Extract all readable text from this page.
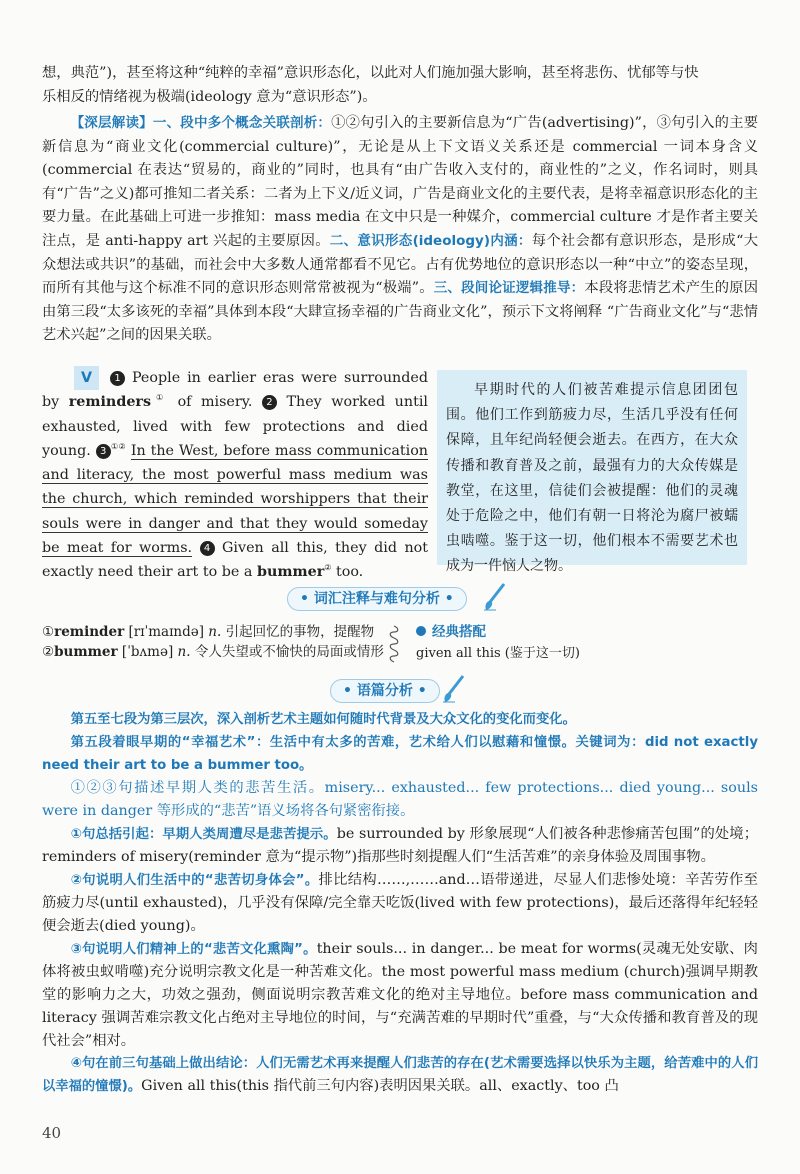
想，典范”)，甚至将这种“纯粹的幸福”意识形态化，以此对人们施加强大影响，甚至将悲伤、忧郁等与快

乐相反的情绪视为极端(ideology 意为“意识形态”)。

【深层解读】一、段中多个概念关联剖析：①②句引入的主要新信息为“广告(advertising)”，③句引入的主要新信息为“商业文化(commercial culture)”，无论是从上下文语义关系还是 commercial 一词本身含义(commercial 在表达“贸易的，商业的”同时，也具有“由广告收入支付的，商业性的”之义，作名词时，则具有“广告”之义)都可推知二者关系：二者为上下义/近义词，广告是商业文化的主要代表，是将幸福意识形态化的主要力量。在此基础上可进一步推知：mass media 在文中只是一种媒介，commercial culture 才是作者主要关注点，是 anti-happy art 兴起的主要原因。二、意识形态(ideology)内涵：每个社会都有意识形态，是形成“大众想法或共识”的基础，而社会中大多数人通常都看不见它。占有优势地位的意识形态以一种“中立”的姿态呈现，而所有其他与这个标准不同的意识形态则常常被视为“极端”。三、段间论证逻辑推导：本段将悲情艺术产生的原因由第三段“太多该死的幸福”具体到本段“大肆宣扬幸福的广告商业文化”，预示下文将阐释 “广告商业文化”与“悲情艺术兴起”之间的因果关联。

V 1 People in earlier eras were surrounded by reminders① of misery. 2 They worked until exhausted, lived with few protections and died young. 3 ①② In the West, before mass communication and literacy, the most powerful mass medium was the church, which reminded worshippers that their souls were in danger and that they would someday be meat for worms. 4 Given all this, they did not exactly need their art to be a bummer② too.
早期时代的人们被苦难提示信息团团包围。他们工作到筋疲力尽，生活几乎没有任何保障，且年纪尚轻便会逝去。在西方，在大众传播和教育普及之前，最强有力的大众传媒是教堂，在这里，信徒们会被提醒：他们的灵魂处于危险之中，他们有朝一日将沦为腐尸被蠕虫啮噬。鉴于这一切，他们根本不需要艺术也成为一件恼人之物。
• 词汇注释与难句分析 •
①reminder [rɪˈmaɪndə] n. 引起回忆的事物，提醒物
②bummer [ˈbʌmə] n. 令人失望或不愉快的局面或情形
经典搭配
given all this (鉴于这一切)
• 语篇分析 •

第五至七段为第三层次，深入剖析艺术主题如何随时代背景及大众文化的变化而变化。

第五段着眼早期的“幸福艺术”：生活中有太多的苦难，艺术给人们以慰藉和憧憬。关键词为：did not exactly need their art to be a bummer too。

①②③句描述早期人类的悲苦生活。misery... exhausted... few protections... died young... souls were in danger 等形成的“悲苦”语义场将各句紧密衔接。

①句总括引起：早期人类周遭尽是悲苦提示。be surrounded by 形象展现“人们被各种悲惨痛苦包围”的处境；reminders of misery(reminder 意为“提示物”)指那些时刻提醒人们“生活苦难”的亲身体验及周围事物。

②句说明人们生活中的“悲苦切身体会”。排比结构……,……and…语带递进，尽显人们悲惨处境：辛苦劳作至筋疲力尽(until exhausted)，几乎没有保障/完全靠天吃饭(lived with few protections)，最后还落得年纪轻轻便会逝去(died young)。

③句说明人们精神上的“悲苦文化熏陶”。their souls... in danger... be meat for worms(灵魂无处安歇、肉体将被虫蚁啃噬)充分说明宗教文化是一种苦难文化。the most powerful mass medium (church)强调早期教堂的影响力之大，功效之强劲，侧面说明宗教苦难文化的绝对主导地位。before mass communication and literacy 强调苦难宗教文化占绝对主导地位的时间，与“充满苦难的早期时代”重叠，与“大众传播和教育普及的现代社会”相对。

④句在前三句基础上做出结论：人们无需艺术再来提醒人们悲苦的存在(艺术需要选择以快乐为主题，给苦难中的人们以幸福的憧憬)。Given all this(this 指代前三句内容)表明因果关联。all、exactly、too 凸

40
